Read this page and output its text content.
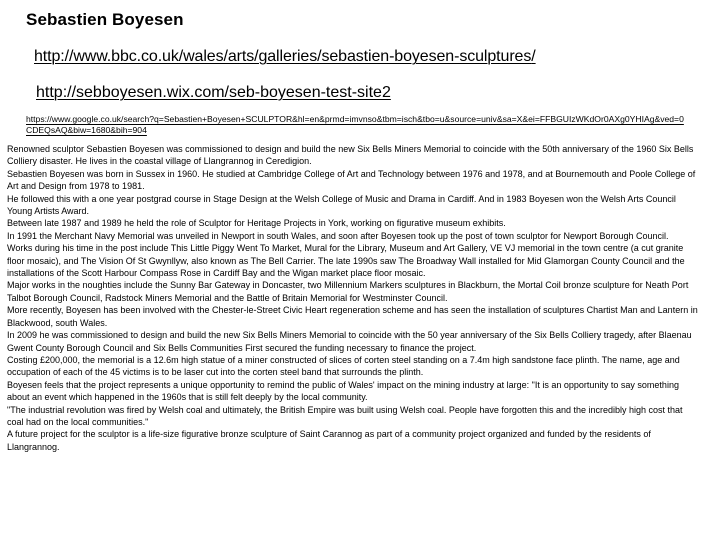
Sebastien Boyesen
http://www.bbc.co.uk/wales/arts/galleries/sebastien-boyesen-sculptures/
http://sebboyesen.wix.com/seb-boyesen-test-site2
https://www.google.co.uk/search?q=Sebastien+Boyesen+SCULPTOR&hl=en&prmd=imvnso&tbm=isch&tbo=u&source=univ&sa=X&ei=FFBGUIzWKdOr0AXg0YHIAg&ved=0CDEQsAQ&biw=1680&bih=904

Renowned sculptor Sebastien Boyesen was commissioned to design and build the new Six Bells Miners Memorial to coincide with the 50th anniversary of the 1960 Six Bells Colliery disaster. He lives in the coastal village of Llangrannog in Ceredigion.

Sebastien Boyesen was born in Sussex in 1960. He studied at Cambridge College of Art and Technology between 1976 and 1978, and at Bournemouth and Poole College of Art and Design from 1978 to 1981.

He followed this with a one year postgrad course in Stage Design at the Welsh College of Music and Drama in Cardiff. And in 1983 Boyesen won the Welsh Arts Council Young Artists Award.

Between late 1987 and 1989 he held the role of Sculptor for Heritage Projects in York, working on figurative museum exhibits.

In 1991 the Merchant Navy Memorial was unveiled in Newport in south Wales, and soon after Boyesen took up the post of town sculptor for Newport Borough Council.

Works during his time in the post include This Little Piggy Went To Market, Mural for the Library, Museum and Art Gallery, VE VJ memorial in the town centre (a cut granite floor mosaic), and The Vision Of St Gwynllyw, also known as The Bell Carrier. The late 1990s saw The Broadway Wall installed for Mid Glamorgan County Council and the installations of the Scott Harbour Compass Rose in Cardiff Bay and the Wigan market place floor mosaic.

Major works in the noughties include the Sunny Bar Gateway in Doncaster, two Millennium Markers sculptures in Blackburn, the Mortal Coil bronze sculpture for Neath Port Talbot Borough Council, Radstock Miners Memorial and the Battle of Britain Memorial for Westminster Council.

More recently, Boyesen has been involved with the Chester-le-Street Civic Heart regeneration scheme and has seen the installation of sculptures Chartist Man and Lantern in Blackwood, south Wales.

In 2009 he was commissioned to design and build the new Six Bells Miners Memorial to coincide with the 50 year anniversary of the Six Bells Colliery tragedy, after Blaenau Gwent County Borough Council and Six Bells Communities First secured the funding necessary to finance the project.

Costing £200,000, the memorial is a 12.6m high statue of a miner constructed of slices of corten steel standing on a 7.4m high sandstone face plinth. The name, age and occupation of each of the 45 victims is to be laser cut into the corten steel band that surrounds the plinth.

Boyesen feels that the project represents a unique opportunity to remind the public of Wales' impact on the mining industry at large: "It is an opportunity to say something about an event which happened in the 1960s that is still felt deeply by the local community.

"The industrial revolution was fired by Welsh coal and ultimately, the British Empire was built using Welsh coal. People have forgotten this and the incredibly high cost that coal had on the local communities."

A future project for the sculptor is a life-size figurative bronze sculpture of Saint Carannog as part of a community project organized and funded by the residents of Llangrannog.
